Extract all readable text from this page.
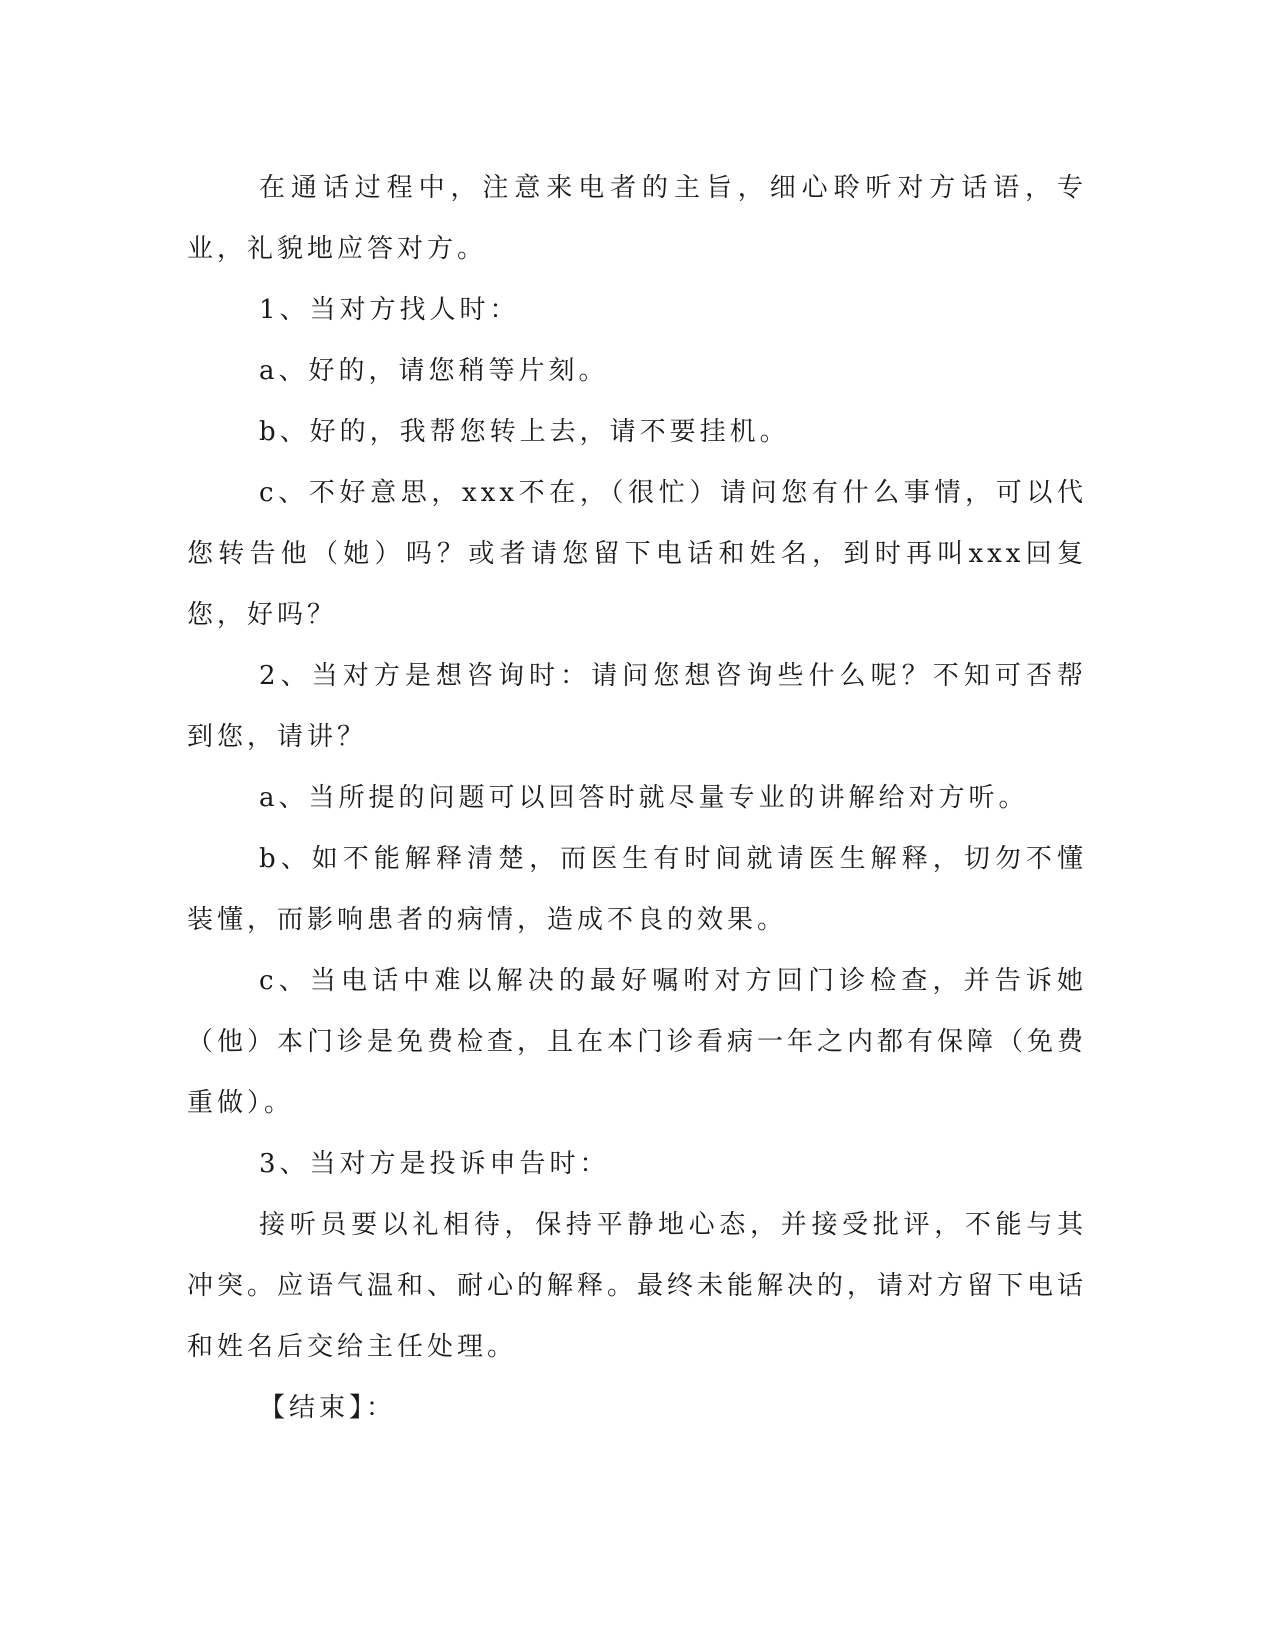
在通话过程中，注意来电者的主旨，细心聆听对方话语，专业，礼貌地应答对方。

1、当对方找人时：

a、好的，请您稍等片刻。

b、好的，我帮您转上去，请不要挂机。

c、不好意思，xxx不在，（很忙）请问您有什么事情，可以代您转告他（她）吗？或者请您留下电话和姓名，到时再叫xxx回复您，好吗？

2、当对方是想咨询时：请问您想咨询些什么呢？不知可否帮到您，请讲？

a、当所提的问题可以回答时就尽量专业的讲解给对方听。

b、如不能解释清楚，而医生有时间就请医生解释，切勿不懂装懂，而影响患者的病情，造成不良的效果。

c、当电话中难以解决的最好嘱咐对方回门诊检查，并告诉她（他）本门诊是免费检查，且在本门诊看病一年之内都有保障（免费重做）。

3、当对方是投诉申告时：

接听员要以礼相待，保持平静地心态，并接受批评，不能与其冲突。应语气温和、耐心的解释。最终未能解决的，请对方留下电话和姓名后交给主任处理。

【结束】：
